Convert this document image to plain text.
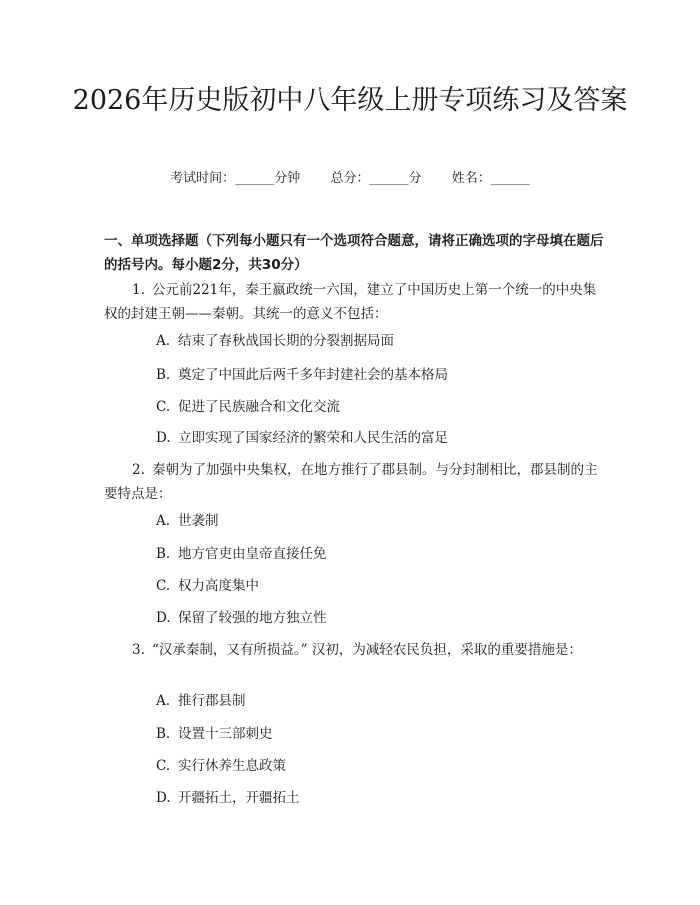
2026年历史版初中八年级上册专项练习及答案
考试时间：______分钟 总分：______分 姓名：______
一、单项选择题（下列每小题只有一个选项符合题意，请将正确选项的字母填在题后的括号内。每小题2分，共30分）

1. 公元前221年，秦王嬴政统一六国，建立了中国历史上第一个统一的中央集权的封建王朝——秦朝。其统一的意义不包括：

A. 结束了春秋战国长期的分裂割据局面

B. 奠定了中国此后两千多年封建社会的基本格局

C. 促进了民族融合和文化交流

D. 立即实现了国家经济的繁荣和人民生活的富足

2. 秦朝为了加强中央集权，在地方推行了郡县制。与分封制相比，郡县制的主要特点是：

A. 世袭制

B. 地方官吏由皇帝直接任免

C. 权力高度集中

D. 保留了较强的地方独立性

3. “汉承秦制，又有所损益。” 汉初，为减轻农民负担，采取的重要措施是：

A. 推行郡县制

B. 设置十三部刺史

C. 实行休养生息政策

D. 开疆拓土，开疆拓土
